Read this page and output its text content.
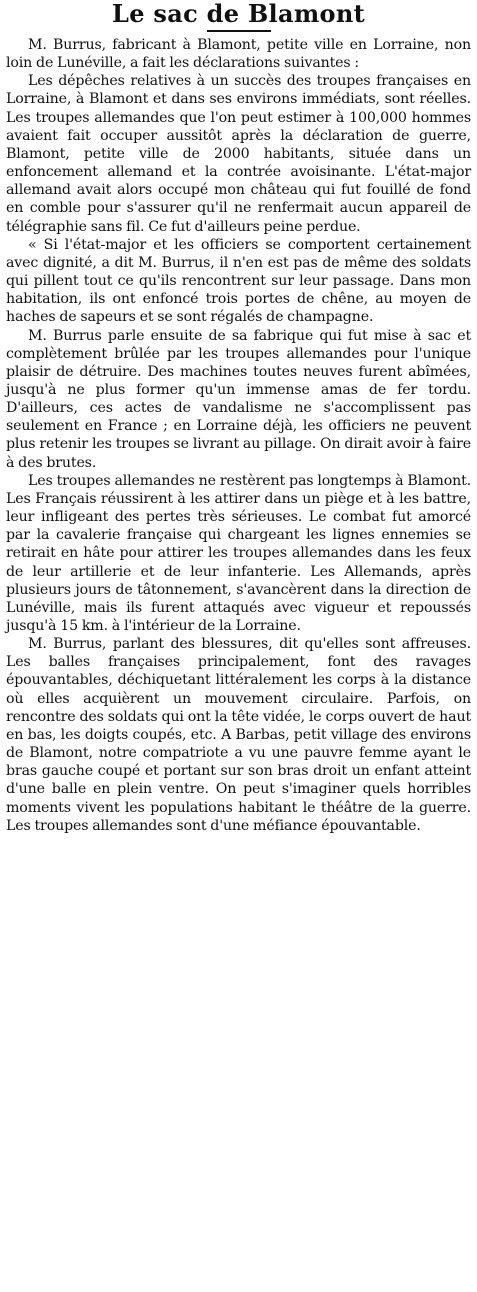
Le sac de Blamont

M. Burrus, fabricant à Blamont, petite ville en Lorraine, non loin de Lunéville, a fait les déclarations suivantes :

Les dépêches relatives à un succès des troupes françaises en Lorraine, à Blamont et dans ses environs immédiats, sont réelles. Les troupes allemandes que l'on peut estimer à 100,000 hommes avaient fait occuper aussitôt après la déclaration de guerre, Blamont, petite ville de 2000 habitants, située dans un enfoncement allemand et la contrée avoisinante. L'état-major allemand avait alors occupé mon château qui fut fouillé de fond en comble pour s'assurer qu'il ne renfermait aucun appareil de télégraphie sans fil. Ce fut d'ailleurs peine perdue.

« Si l'état-major et les officiers se comportent certainement avec dignité, a dit M. Burrus, il n'en est pas de même des soldats qui pillent tout ce qu'ils rencontrent sur leur passage. Dans mon habitation, ils ont enfoncé trois portes de chêne, au moyen de haches de sapeurs et se sont régalés de champagne.

M. Burrus parle ensuite de sa fabrique qui fut mise à sac et complètement brûlée par les troupes allemandes pour l'unique plaisir de détruire. Des machines toutes neuves furent abîmées, jusqu'à ne plus former qu'un immense amas de fer tordu. D'ailleurs, ces actes de vandalisme ne s'accomplissent pas seulement en France ; en Lorraine déjà, les officiers ne peuvent plus retenir les troupes se livrant au pillage. On dirait avoir à faire à des brutes.

Les troupes allemandes ne restèrent pas longtemps à Blamont. Les Français réussirent à les attirer dans un piège et à les battre, leur infligeant des pertes très sérieuses. Le combat fut amorcé par la cavalerie française qui chargeant les lignes ennemies se retirait en hâte pour attirer les troupes allemandes dans les feux de leur artillerie et de leur infanterie. Les Allemands, après plusieurs jours de tâtonnement, s'avancèrent dans la direction de Lunéville, mais ils furent attaqués avec vigueur et repoussés jusqu'à 15 km. à l'intérieur de la Lorraine.

M. Burrus, parlant des blessures, dit qu'elles sont affreuses. Les balles françaises principalement, font des ravages épouvantables, déchiquetant littéralement les corps à la distance où elles acquièrent un mouvement circulaire. Parfois, on rencontre des soldats qui ont la tête vidée, le corps ouvert de haut en bas, les doigts coupés, etc. A Barbas, petit village des environs de Blamont, notre compatriote a vu une pauvre femme ayant le bras gauche coupé et portant sur son bras droit un enfant atteint d'une balle en plein ventre. On peut s'imaginer quels horribles moments vivent les populations habitant le théâtre de la guerre. Les troupes allemandes sont d'une méfiance épouvantable.
